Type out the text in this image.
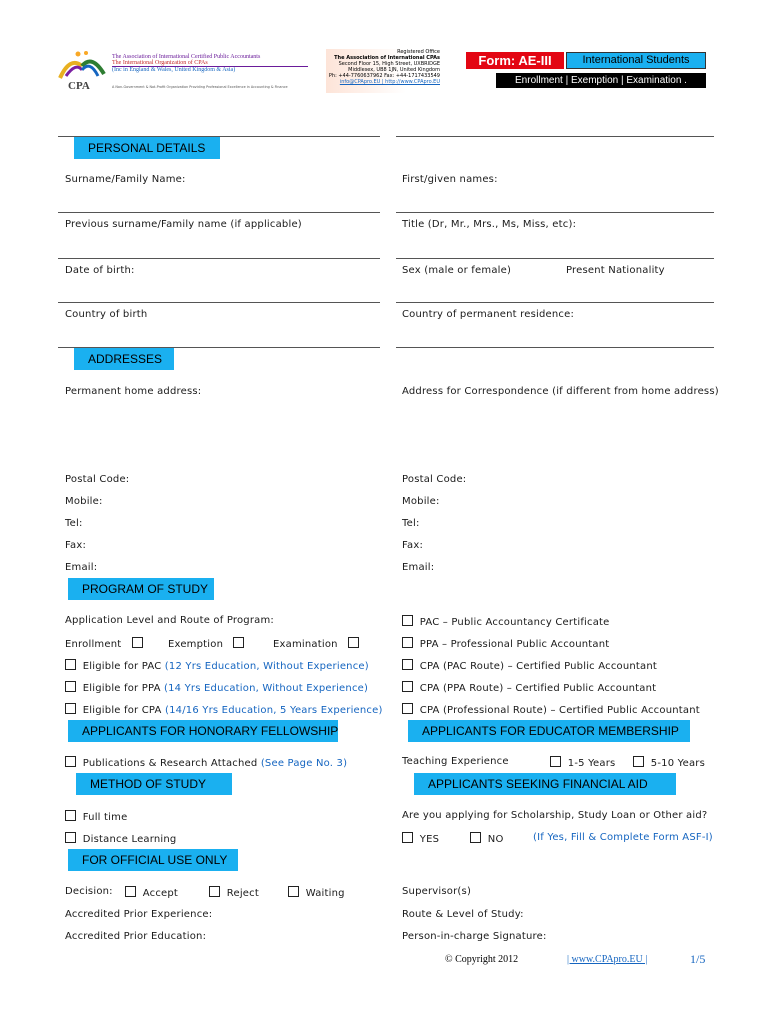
CPA
The Association of International Certified Public Accountants
The International Organization of CPAs
(Inc in England & Wales, United Kingdom & Asia)
A Non-Government & Not-Profit Organization Providing Professional Excellence in Accounting & Finance
Registered Office
The Association of International CPAs
Second Floor 15, High Street, UXBRIDGE
Middlesex, UB8 1JN, United Kingdom
Ph: +44-7760637962 Fax: +44-1717433549
info@CPApro.EU | http://www.CPApro.EU
Form: AE-III	International Students
Enrollment | Exemption | Examination .
PERSONAL DETAILS
Surname/Family Name:	First/given names:
Previous surname/Family name (if applicable)	Title (Dr, Mr., Mrs., Ms, Miss, etc):
Date of birth:	Sex (male or female)	Present Nationality
Country of birth	Country of permanent residence:
ADDRESSES
Permanent home address:	Address for Correspondence (if different from home address)
Postal Code:	Postal Code:
Mobile:	Mobile:
Tel:	Tel:
Fax:	Fax:
Email:	Email:
PROGRAM OF STUDY
Application Level and Route of Program:	PAC – Public Accountancy Certificate
Enrollment	Exemption	Examination	PPA – Professional Public Accountant
Eligible for PAC (12 Yrs Education, Without Experience)	CPA (PAC Route) – Certified Public Accountant
Eligible for PPA (14 Yrs Education, Without Experience)	CPA (PPA Route) – Certified Public Accountant
Eligible for CPA (14/16 Yrs Education, 5 Years Experience)	CPA (Professional Route) – Certified Public Accountant
APPLICANTS FOR HONORARY FELLOWSHIP	APPLICANTS FOR EDUCATOR MEMBERSHIP
Publications & Research Attached (See Page No. 3)	Teaching Experience	1-5 Years	5-10 Years
METHOD OF STUDY	APPLICANTS SEEKING FINANCIAL AID
Full time	Are you applying for Scholarship, Study Loan or Other aid?
Distance Learning	YES	NO	(If Yes, Fill & Complete Form ASF-I)
FOR OFFICIAL USE ONLY
Decision:	Accept	Reject	Waiting	Supervisor(s)
Accredited Prior Experience:	Route & Level of Study:
Accredited Prior Education:	Person-in-charge Signature:
© Copyright 2012	| www.CPApro.EU |	1/5
